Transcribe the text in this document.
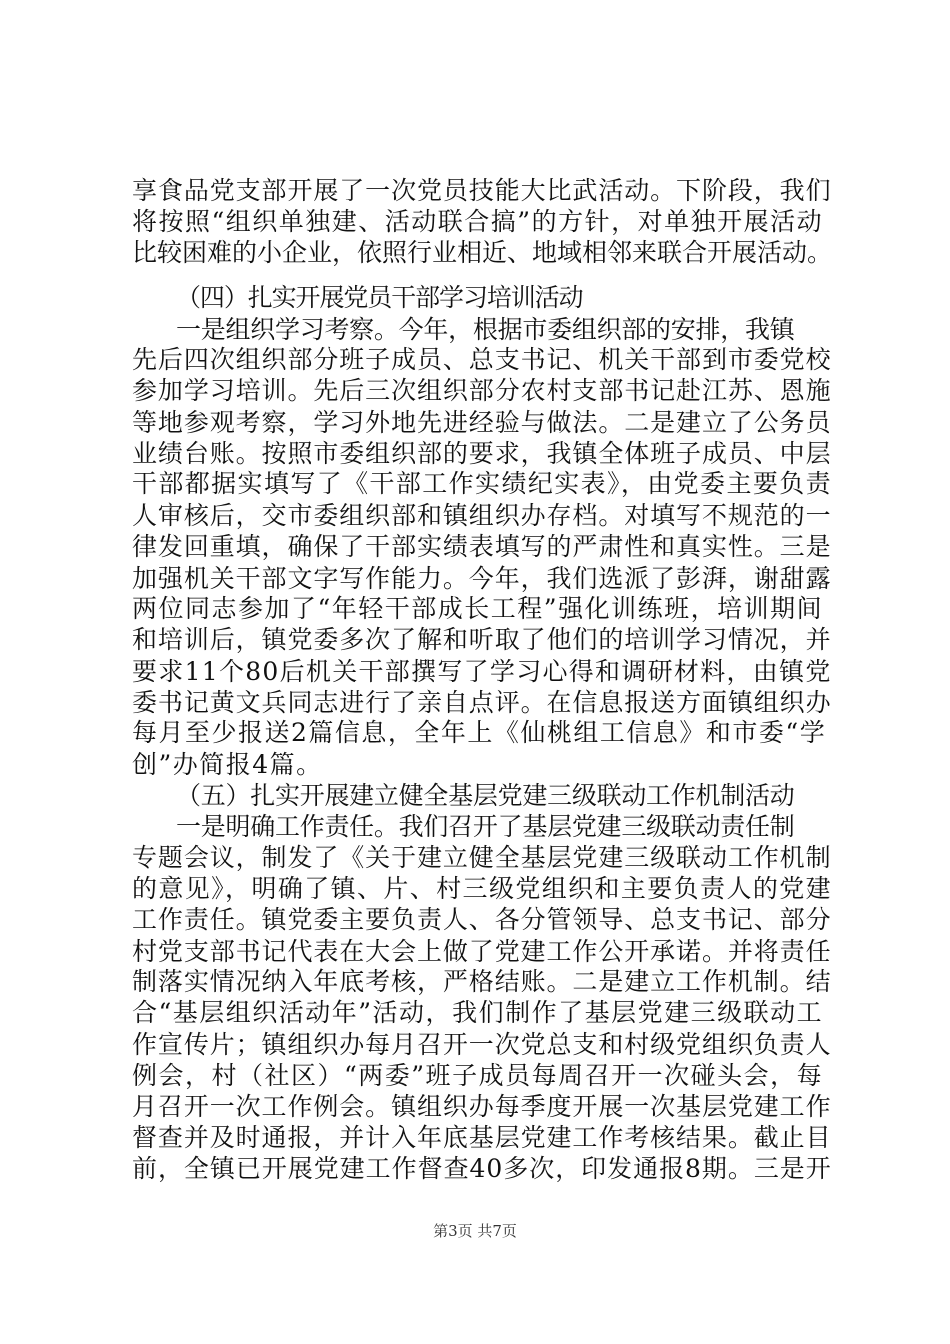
享食品党支部开展了一次党员技能大比武活动。下阶段，我们
将按照“组织单独建、活动联合搞”的方针，对单独开展活动
比较困难的小企业，依照行业相近、地域相邻来联合开展活动。
（四）扎实开展党员干部学习培训活动
一是组织学习考察。今年，根据市委组织部的安排，我镇
先后四次组织部分班子成员、总支书记、机关干部到市委党校
参加学习培训。先后三次组织部分农村支部书记赴江苏、恩施
等地参观考察，学习外地先进经验与做法。二是建立了公务员
业绩台账。按照市委组织部的要求，我镇全体班子成员、中层
干部都据实填写了《干部工作实绩纪实表》，由党委主要负责
人审核后，交市委组织部和镇组织办存档。对填写不规范的一
律发回重填，确保了干部实绩表填写的严肃性和真实性。三是
加强机关干部文字写作能力。今年，我们选派了彭湃，谢甜露
两位同志参加了“年轻干部成长工程”强化训练班，培训期间
和培训后，镇党委多次了解和听取了他们的培训学习情况，并
要求11个80后机关干部撰写了学习心得和调研材料，由镇党
委书记黄文兵同志进行了亲自点评。在信息报送方面镇组织办
每月至少报送2篇信息，全年上《仙桃组工信息》和市委“学
创”办简报4篇。
（五）扎实开展建立健全基层党建三级联动工作机制活动
一是明确工作责任。我们召开了基层党建三级联动责任制
专题会议，制发了《关于建立健全基层党建三级联动工作机制
的意见》，明确了镇、片、村三级党组织和主要负责人的党建
工作责任。镇党委主要负责人、各分管领导、总支书记、部分
村党支部书记代表在大会上做了党建工作公开承诺。并将责任
制落实情况纳入年底考核，严格结账。二是建立工作机制。结
合“基层组织活动年”活动，我们制作了基层党建三级联动工
作宣传片；镇组织办每月召开一次党总支和村级党组织负责人
例会，村（社区）“两委”班子成员每周召开一次碰头会，每
月召开一次工作例会。镇组织办每季度开展一次基层党建工作
督查并及时通报，并计入年底基层党建工作考核结果。截止目
前，全镇已开展党建工作督查40多次，印发通报8期。三是开
第3页 共7页
